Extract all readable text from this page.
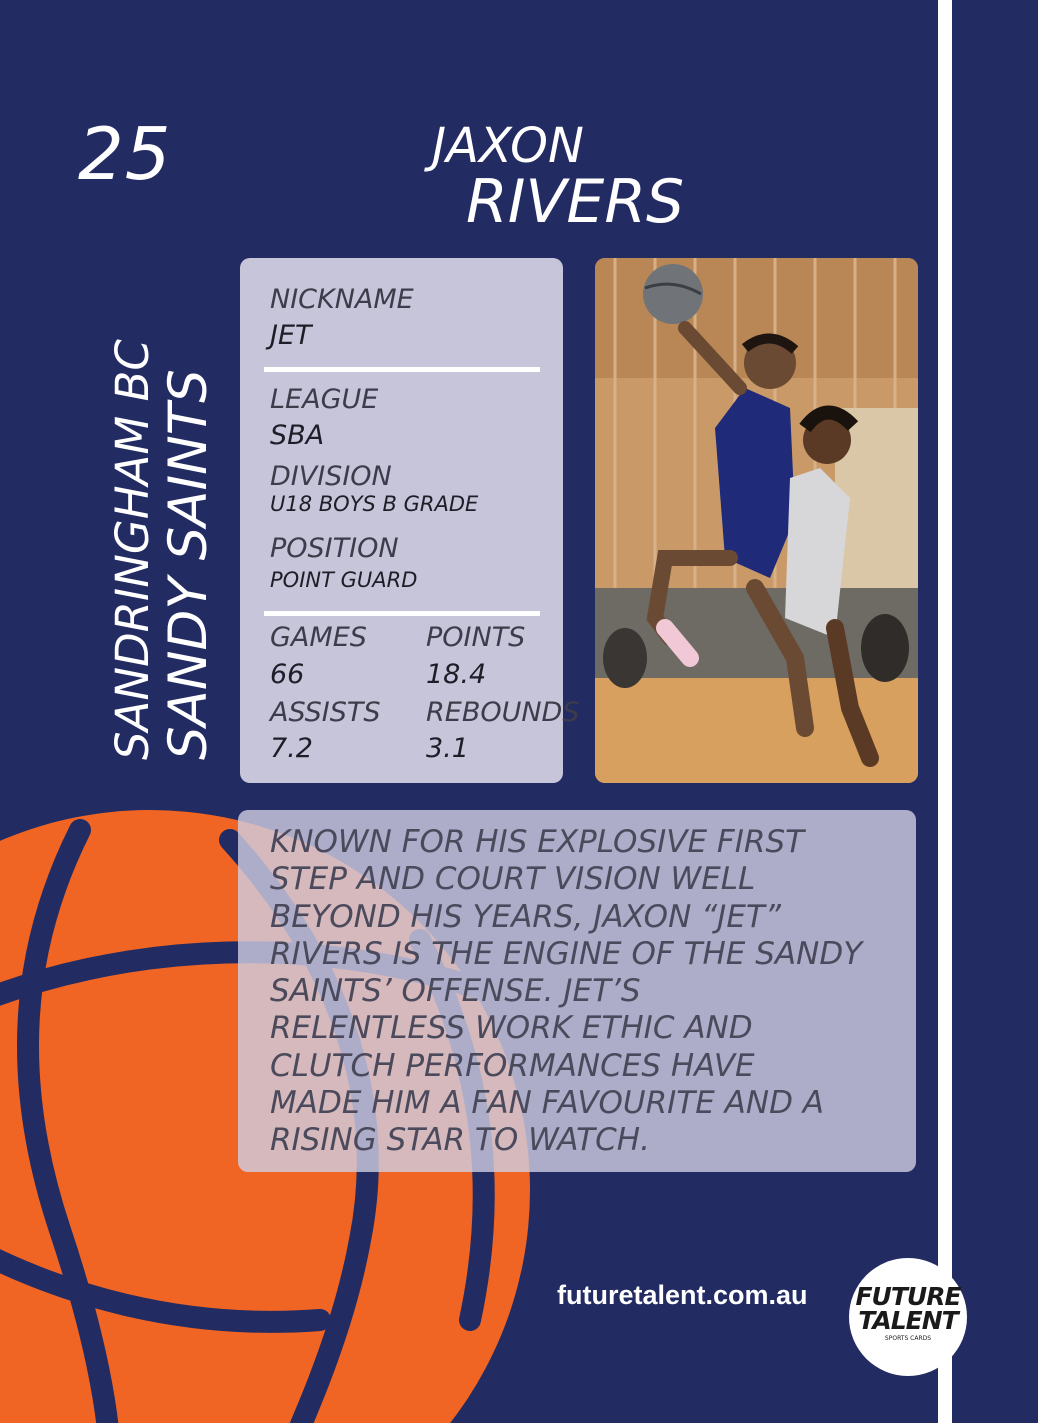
25	JAXON
RIVERS
SANDRINGHAM BC SANDY SAINTS
NICKNAME
JET
LEAGUE
SBA
DIVISION
U18 BOYS B GRADE
POSITION
POINT GUARD
GAMES
66
POINTS
18.4
ASSISTS
7.2
REBOUNDS
3.1
KNOWN FOR HIS EXPLOSIVE FIRST
STEP AND COURT VISION WELL
BEYOND HIS YEARS, JAXON “JET”
RIVERS IS THE ENGINE OF THE SANDY
SAINTS’ OFFENSE. JET’S
RELENTLESS WORK ETHIC AND
CLUTCH PERFORMANCES HAVE
MADE HIM A FAN FAVOURITE AND A
RISING STAR TO WATCH.
futuretalent.com.au FUTURE
TALENT
SPORTS CARDS
